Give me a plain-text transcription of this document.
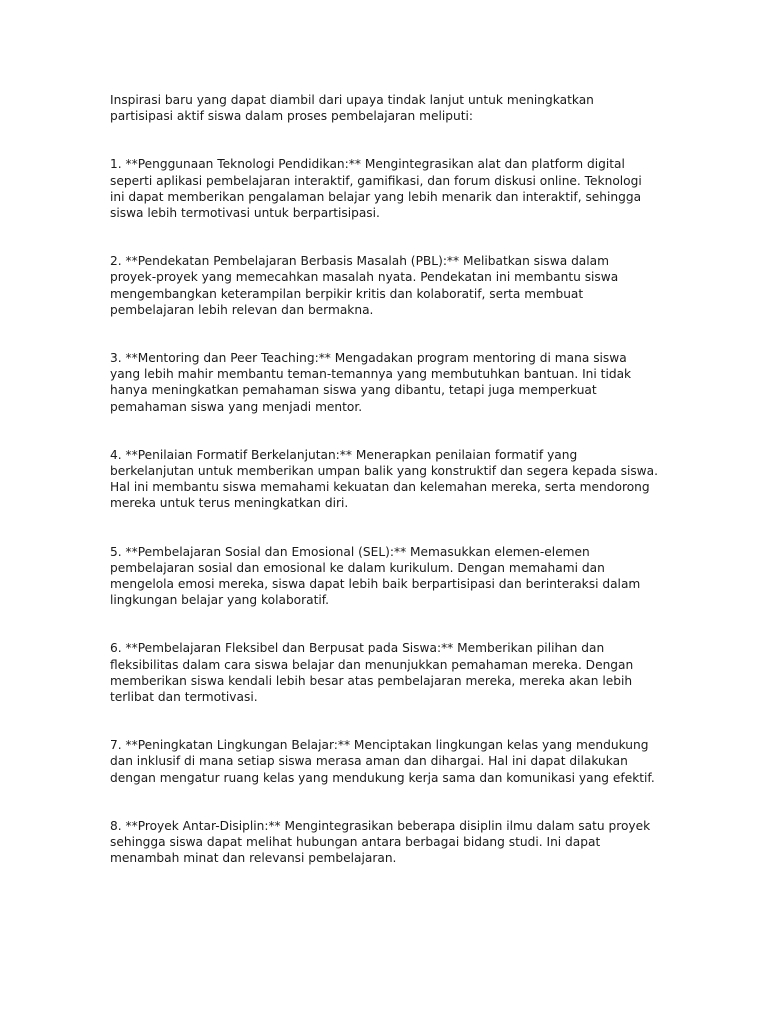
Inspirasi baru yang dapat diambil dari upaya tindak lanjut untuk meningkatkan partisipasi aktif siswa dalam proses pembelajaran meliputi:

1. **Penggunaan Teknologi Pendidikan:** Mengintegrasikan alat dan platform digital seperti aplikasi pembelajaran interaktif, gamifikasi, dan forum diskusi online. Teknologi ini dapat memberikan pengalaman belajar yang lebih menarik dan interaktif, sehingga siswa lebih termotivasi untuk berpartisipasi.

2. **Pendekatan Pembelajaran Berbasis Masalah (PBL):** Melibatkan siswa dalam proyek-proyek yang memecahkan masalah nyata. Pendekatan ini membantu siswa mengembangkan keterampilan berpikir kritis dan kolaboratif, serta membuat pembelajaran lebih relevan dan bermakna.

3. **Mentoring dan Peer Teaching:** Mengadakan program mentoring di mana siswa yang lebih mahir membantu teman-temannya yang membutuhkan bantuan. Ini tidak hanya meningkatkan pemahaman siswa yang dibantu, tetapi juga memperkuat pemahaman siswa yang menjadi mentor.

4. **Penilaian Formatif Berkelanjutan:** Menerapkan penilaian formatif yang berkelanjutan untuk memberikan umpan balik yang konstruktif dan segera kepada siswa. Hal ini membantu siswa memahami kekuatan dan kelemahan mereka, serta mendorong mereka untuk terus meningkatkan diri.

5. **Pembelajaran Sosial dan Emosional (SEL):** Memasukkan elemen-elemen pembelajaran sosial dan emosional ke dalam kurikulum. Dengan memahami dan mengelola emosi mereka, siswa dapat lebih baik berpartisipasi dan berinteraksi dalam lingkungan belajar yang kolaboratif.

6. **Pembelajaran Fleksibel dan Berpusat pada Siswa:** Memberikan pilihan dan fleksibilitas dalam cara siswa belajar dan menunjukkan pemahaman mereka. Dengan memberikan siswa kendali lebih besar atas pembelajaran mereka, mereka akan lebih terlibat dan termotivasi.

7. **Peningkatan Lingkungan Belajar:** Menciptakan lingkungan kelas yang mendukung dan inklusif di mana setiap siswa merasa aman dan dihargai. Hal ini dapat dilakukan dengan mengatur ruang kelas yang mendukung kerja sama dan komunikasi yang efektif.

8. **Proyek Antar-Disiplin:** Mengintegrasikan beberapa disiplin ilmu dalam satu proyek sehingga siswa dapat melihat hubungan antara berbagai bidang studi. Ini dapat menambah minat dan relevansi pembelajaran.
